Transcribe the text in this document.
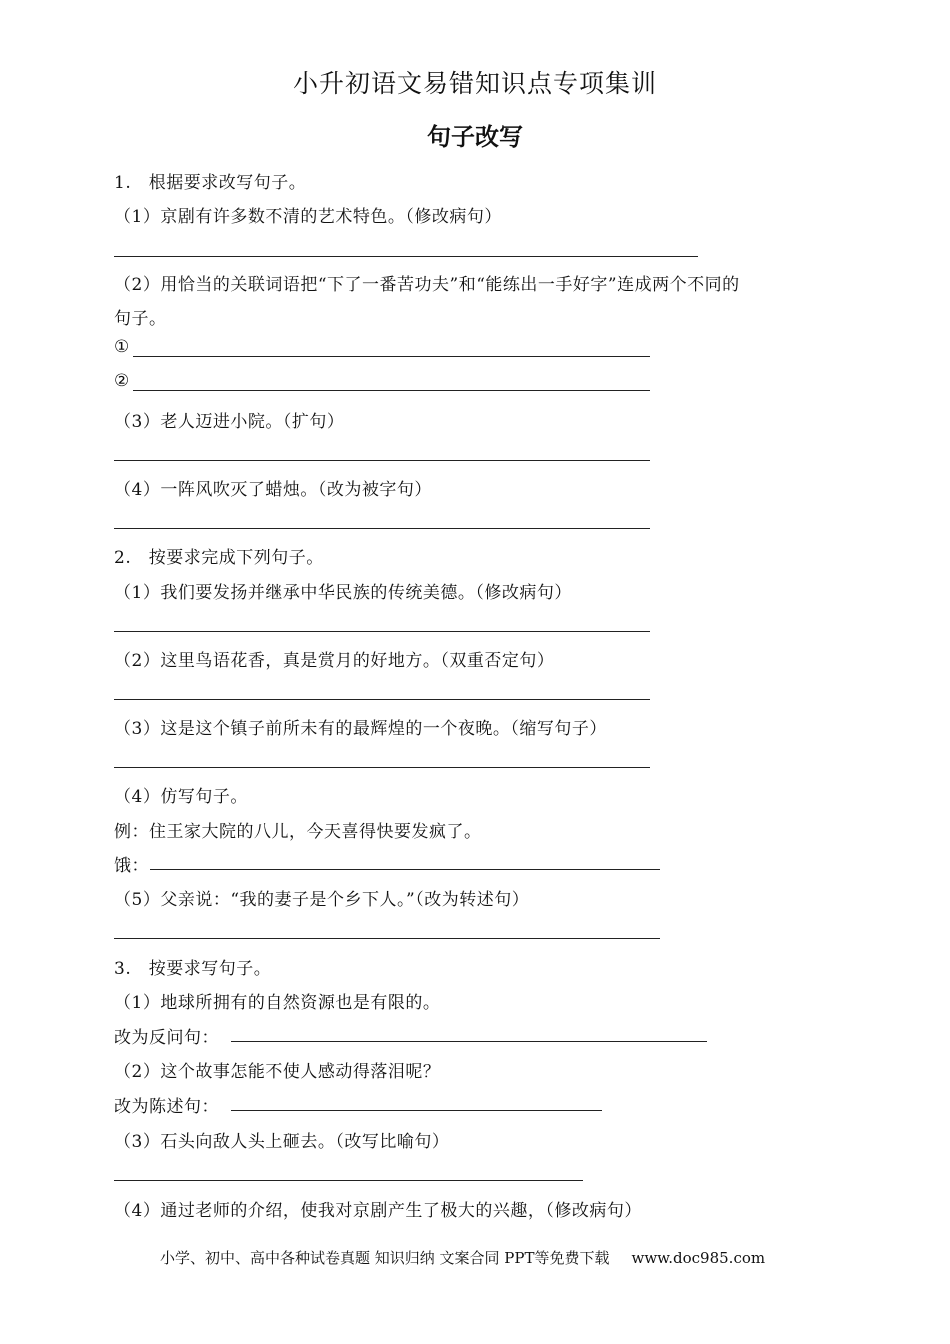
小升初语文易错知识点专项集训
句子改写
1.　根据要求改写句子。
（1）京剧有许多数不清的艺术特色。（修改病句）
（2）用恰当的关联词语把“下了一番苦功夫”和“能练出一手好字”连成两个不同的
句子。
①
②
（3）老人迈进小院。（扩句）
（4）一阵风吹灭了蜡烛。（改为被字句）
2.　按要求完成下列句子。
（1）我们要发扬并继承中华民族的传统美德。（修改病句）
（2）这里鸟语花香，真是赏月的好地方。（双重否定句）
（3）这是这个镇子前所未有的最辉煌的一个夜晚。（缩写句子）
（4）仿写句子。
例：住王家大院的八儿，今天喜得快要发疯了。
饿：
（5）父亲说：“我的妻子是个乡下人。”（改为转述句）
3.　按要求写句子。
（1）地球所拥有的自然资源也是有限的。
改为反问句：
（2）这个故事怎能不使人感动得落泪呢？
改为陈述句：
（3）石头向敌人头上砸去。（改写比喻句）
（4）通过老师的介绍，使我对京剧产生了极大的兴趣，（修改病句）
小学、初中、高中各种试卷真题 知识归纳 文案合同 PPT等免费下载 www.doc985.com
